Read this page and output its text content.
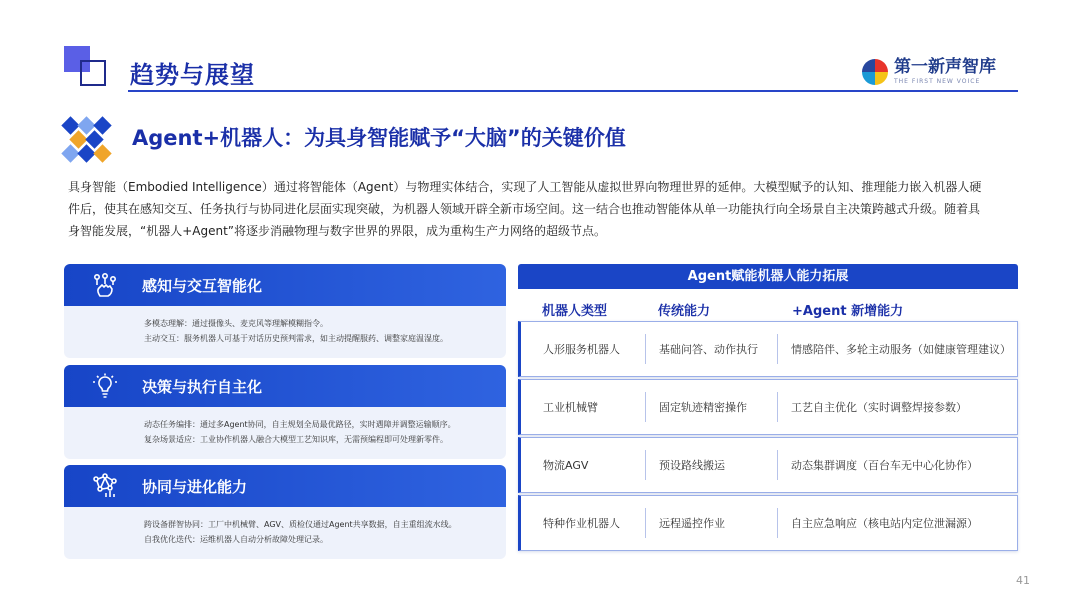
趋势与展望	第一新声智库
THE FIRST NEW VOICE
Agent+机器人：为具身智能赋予“大脑”的关键价值
具身智能（Embodied Intelligence）通过将智能体（Agent）与物理实体结合，实现了人工智能从虚拟世界向物理世界的延伸。大模型赋予的认知、推理能力嵌入机器人硬
件后，使其在感知交互、任务执行与协同进化层面实现突破，为机器人领域开辟全新市场空间。这一结合也推动智能体从单一功能执行向全场景自主决策跨越式升级。随着具
身智能发展，“机器人+Agent”将逐步消融物理与数字世界的界限，成为重构生产力网络的超级节点。
感知与交互智能化
多模态理解：通过摄像头、麦克风等理解模糊指令。
主动交互：服务机器人可基于对话历史预判需求，如主动提醒服药、调整家庭温湿度。
决策与执行自主化
动态任务编排：通过多Agent协同，自主规划全局最优路径，实时遇障并调整运输顺序。
复杂场景适应：工业协作机器人融合大模型工艺知识库，无需预编程即可处理新零件。
协同与进化能力
跨设备群智协同：工厂中机械臂、AGV、质检仪通过Agent共享数据，自主重组流水线。
自我优化迭代：运维机器人自动分析故障处理记录。
Agent赋能机器人能力拓展
机器人类型	传统能力	+Agent 新增能力
人形服务机器人	基础问答、动作执行	情感陪伴、多轮主动服务（如健康管理建议）
工业机械臂	固定轨迹精密操作	工艺自主优化（实时调整焊接参数）
物流AGV	预设路线搬运	动态集群调度（百台车无中心化协作）
特种作业机器人	远程遥控作业	自主应急响应（核电站内定位泄漏源）
41
